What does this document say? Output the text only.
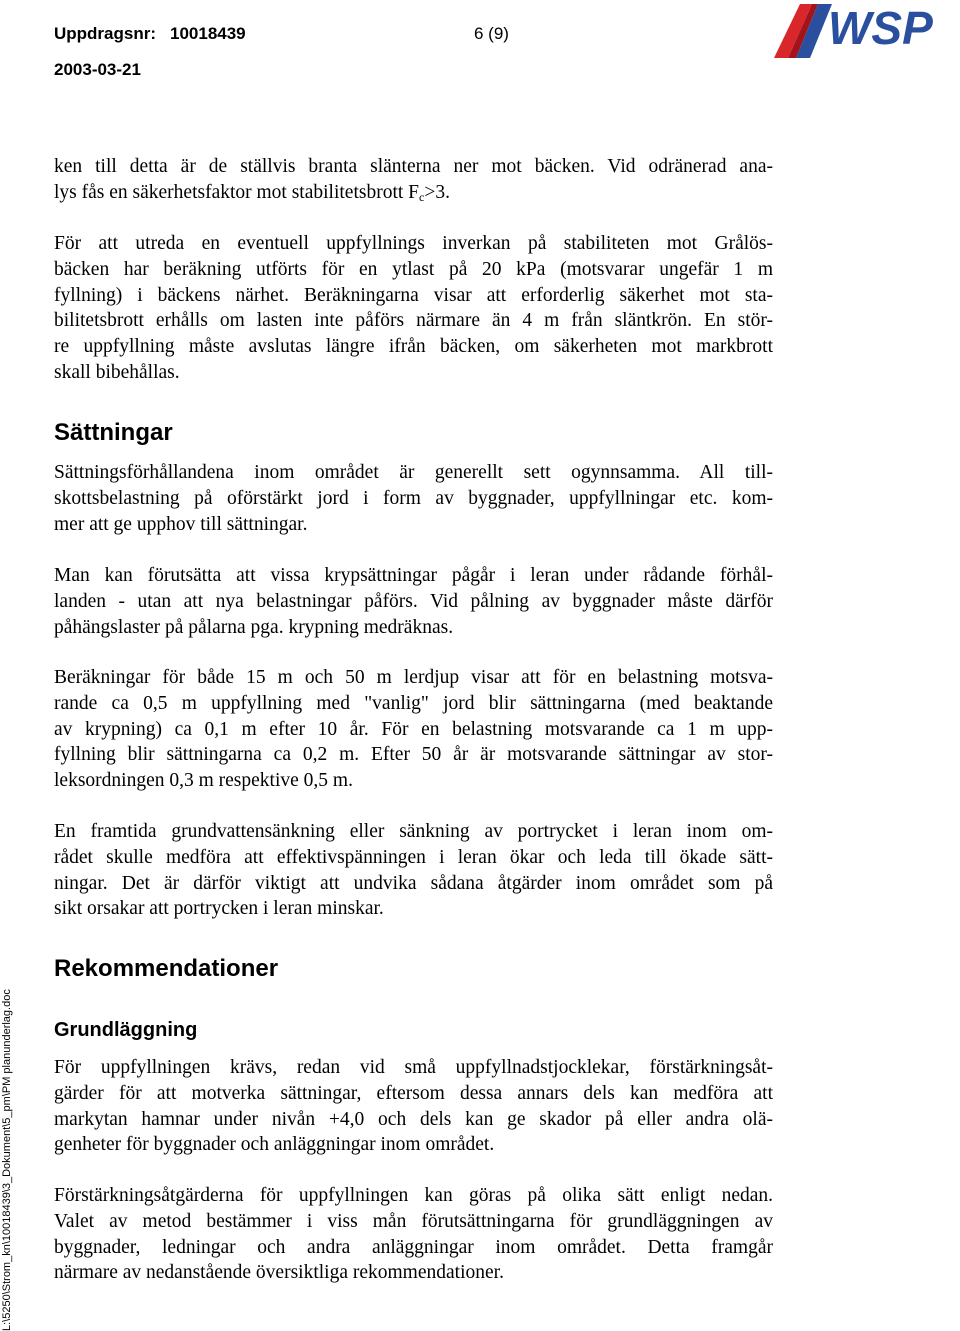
Uppdragsnr: 10018439	6 (9)
2003-03-21
WSP

ken till detta är de ställvis branta slänterna ner mot bäcken. Vid odränerad ana-
lys fås en säkerhetsfaktor mot stabilitetsbrott $F_c>3$.

För att utreda en eventuell uppfyllnings inverkan på stabiliteten mot Grålös-
bäcken har beräkning utförts för en ytlast på 20 kPa (motsvarar ungefär 1 m
fyllning) i bäckens närhet. Beräkningarna visar att erforderlig säkerhet mot sta-
bilitetsbrott erhålls om lasten inte påförs närmare än 4 m från släntkrön. En stör-
re uppfyllning måste avslutas längre ifrån bäcken, om säkerheten mot markbrott
skall bibehållas.

Sättningar

Sättningsförhållandena inom området är generellt sett ogynnsamma. All till-
skottsbelastning på oförstärkt jord i form av byggnader, uppfyllningar etc. kom-
mer att ge upphov till sättningar.

Man kan förutsätta att vissa krypsättningar pågår i leran under rådande förhål-
landen - utan att nya belastningar påförs. Vid pålning av byggnader måste därför
påhängslaster på pålarna pga. krypning medräknas.

Beräkningar för både 15 m och 50 m lerdjup visar att för en belastning motsva-
rande ca 0,5 m uppfyllning med "vanlig" jord blir sättningarna (med beaktande
av krypning) ca 0,1 m efter 10 år. För en belastning motsvarande ca 1 m upp-
fyllning blir sättningarna ca 0,2 m. Efter 50 år är motsvarande sättningar av stor-
leksordningen 0,3 m respektive 0,5 m.

En framtida grundvattensänkning eller sänkning av portrycket i leran inom om-
rådet skulle medföra att effektivspänningen i leran ökar och leda till ökade sätt-
ningar. Det är därför viktigt att undvika sådana åtgärder inom området som på
sikt orsakar att portrycken i leran minskar.

Rekommendationer
Grundläggning

För uppfyllningen krävs, redan vid små uppfyllnadstjocklekar, förstärkningsåt-
gärder för att motverka sättningar, eftersom dessa annars dels kan medföra att
markytan hamnar under nivån +4,0 och dels kan ge skador på eller andra olä-
genheter för byggnader och anläggningar inom området.

Förstärkningsåtgärderna för uppfyllningen kan göras på olika sätt enligt nedan.
Valet av metod bestämmer i viss mån förutsättningarna för grundläggningen av
byggnader, ledningar och andra anläggningar inom området. Detta framgår
närmare av nedanstående översiktliga rekommendationer.

L:\5250\Strom_kn\10018439\3_Dokument\5_pm\PM planunderlag.doc
